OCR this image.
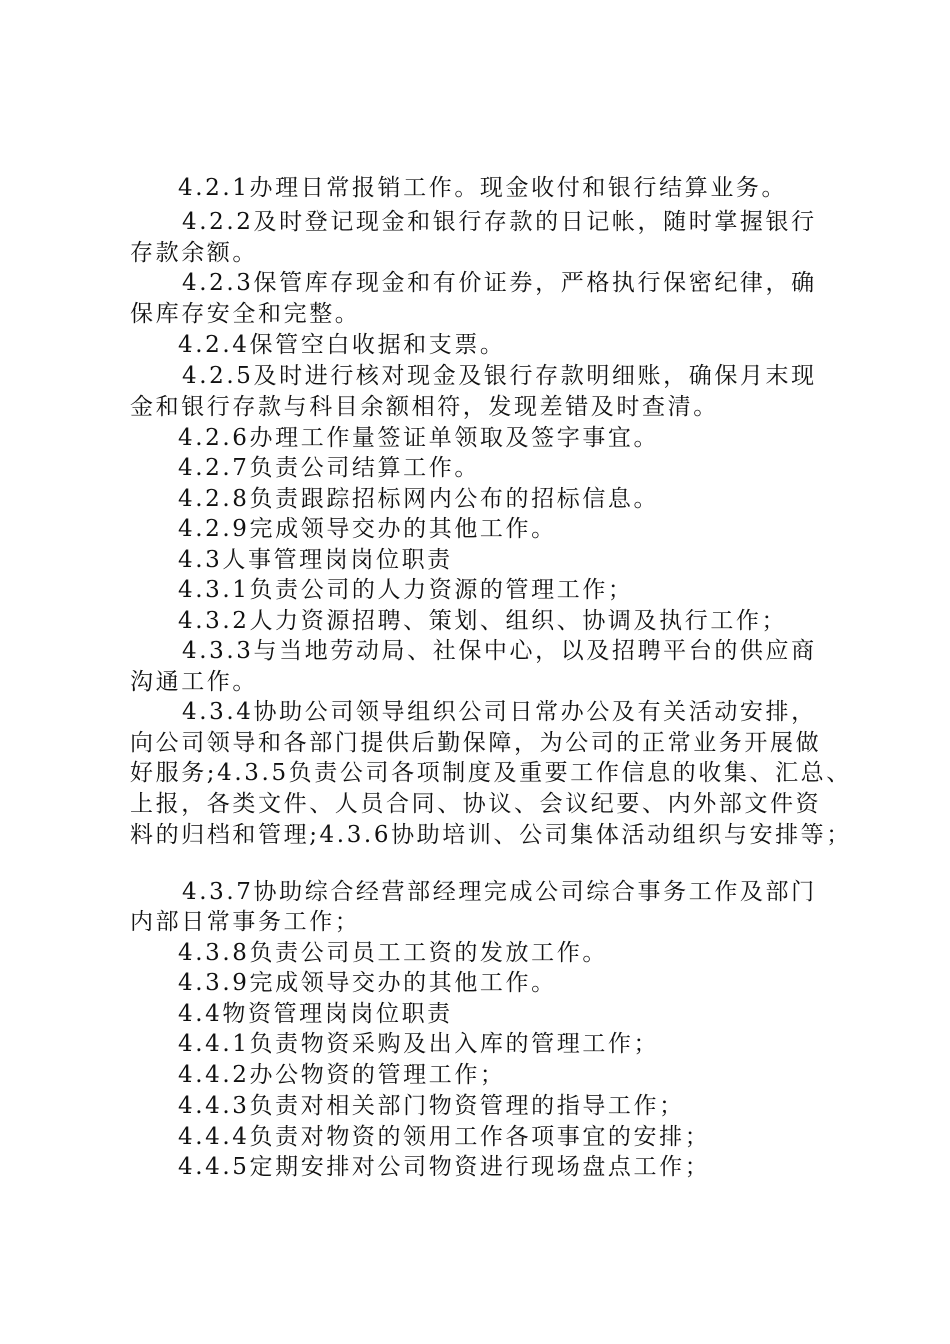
4.2.1办理日常报销工作。现金收付和银行结算业务。
4.2.2及时登记现金和银行存款的日记帐，随时掌握银行
存款余额。
4.2.3保管库存现金和有价证券，严格执行保密纪律，确
保库存安全和完整。
4.2.4保管空白收据和支票。
4.2.5及时进行核对现金及银行存款明细账，确保月末现
金和银行存款与科目余额相符，发现差错及时查清。
4.2.6办理工作量签证单领取及签字事宜。
4.2.7负责公司结算工作。
4.2.8负责跟踪招标网内公布的招标信息。
4.2.9完成领导交办的其他工作。
4.3人事管理岗岗位职责
4.3.1负责公司的人力资源的管理工作；
4.3.2人力资源招聘、策划、组织、协调及执行工作；
4.3.3与当地劳动局、社保中心，以及招聘平台的供应商
沟通工作。
4.3.4协助公司领导组织公司日常办公及有关活动安排，
向公司领导和各部门提供后勤保障，为公司的正常业务开展做
好服务;4.3.5负责公司各项制度及重要工作信息的收集、汇总、
上报，各类文件、人员合同、协议、会议纪要、内外部文件资
料的归档和管理;4.3.6协助培训、公司集体活动组织与安排等；
4.3.7协助综合经营部经理完成公司综合事务工作及部门
内部日常事务工作；
4.3.8负责公司员工工资的发放工作。
4.3.9完成领导交办的其他工作。
4.4物资管理岗岗位职责
4.4.1负责物资采购及出入库的管理工作；
4.4.2办公物资的管理工作；
4.4.3负责对相关部门物资管理的指导工作；
4.4.4负责对物资的领用工作各项事宜的安排；
4.4.5定期安排对公司物资进行现场盘点工作；
